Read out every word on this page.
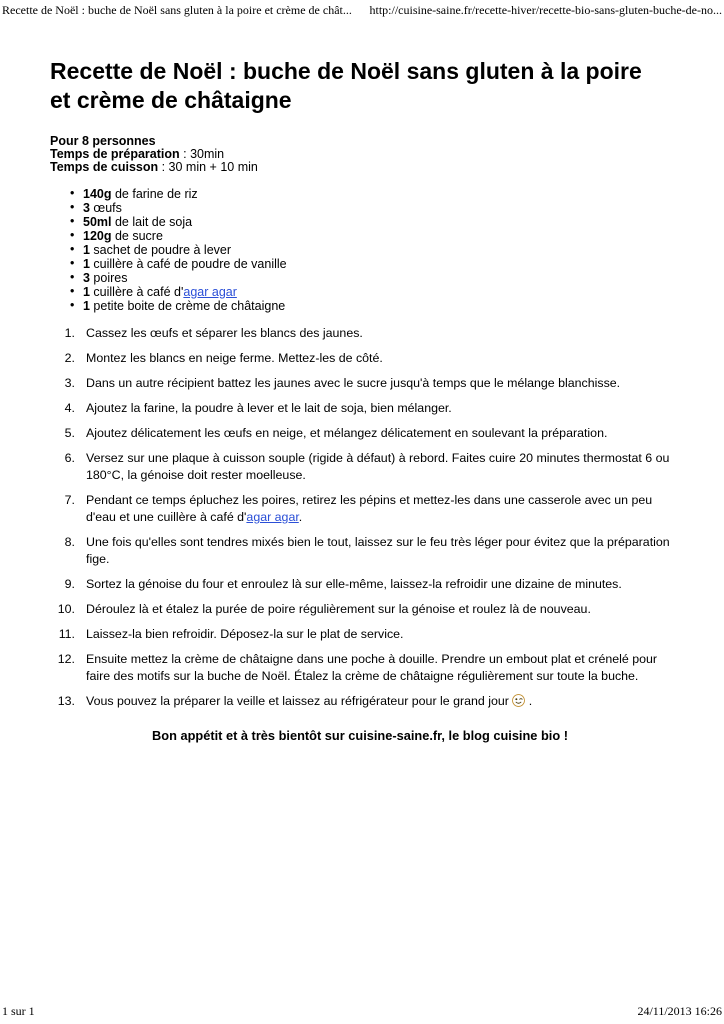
Recette de Noël : buche de Noël sans gluten à la poire et crème de chât... http://cuisine-saine.fr/recette-hiver/recette-bio-sans-gluten-buche-de-no...
Recette de Noël : buche de Noël sans gluten à la poire et crème de châtaigne
Pour 8 personnes
Temps de préparation : 30min
Temps de cuisson : 30 min + 10 min
• 140g de farine de riz
• 3 œufs
• 50ml de lait de soja
• 120g de sucre
• 1 sachet de poudre à lever
• 1 cuillère à café de poudre de vanille
• 3 poires
• 1 cuillère à café d'agar agar
• 1 petite boite de crème de châtaigne
1. Cassez les œufs et séparer les blancs des jaunes.
2. Montez les blancs en neige ferme. Mettez-les de côté.
3. Dans un autre récipient battez les jaunes avec le sucre jusqu'à temps que le mélange blanchisse.
4. Ajoutez la farine, la poudre à lever et le lait de soja, bien mélanger.
5. Ajoutez délicatement les œufs en neige, et mélangez délicatement en soulevant la préparation.
6. Versez sur une plaque à cuisson souple (rigide à défaut) à rebord. Faites cuire 20 minutes thermostat 6 ou 180°C, la génoise doit rester moelleuse.
7. Pendant ce temps épluchez les poires, retirez les pépins et mettez-les dans une casserole avec un peu d'eau et une cuillère à café d'agar agar.
8. Une fois qu'elles sont tendres mixés bien le tout, laissez sur le feu très léger pour évitez que la préparation fige.
9. Sortez la génoise du four et enroulez là sur elle-même, laissez-la refroidir une dizaine de minutes.
10. Déroulez là et étalez la purée de poire régulièrement sur la génoise et roulez là de nouveau.
11. Laissez-la bien refroidir. Déposez-la sur le plat de service.
12. Ensuite mettez la crème de châtaigne dans une poche à douille. Prendre un embout plat et crénelé pour faire des motifs sur la buche de Noël. Étalez la crème de châtaigne régulièrement sur toute la buche.
13. Vous pouvez la préparer la veille et laissez au réfrigérateur pour le grand jour  .
Bon appétit et à très bientôt sur cuisine-saine.fr, le blog cuisine bio !
1 sur 1	24/11/2013 16:26
